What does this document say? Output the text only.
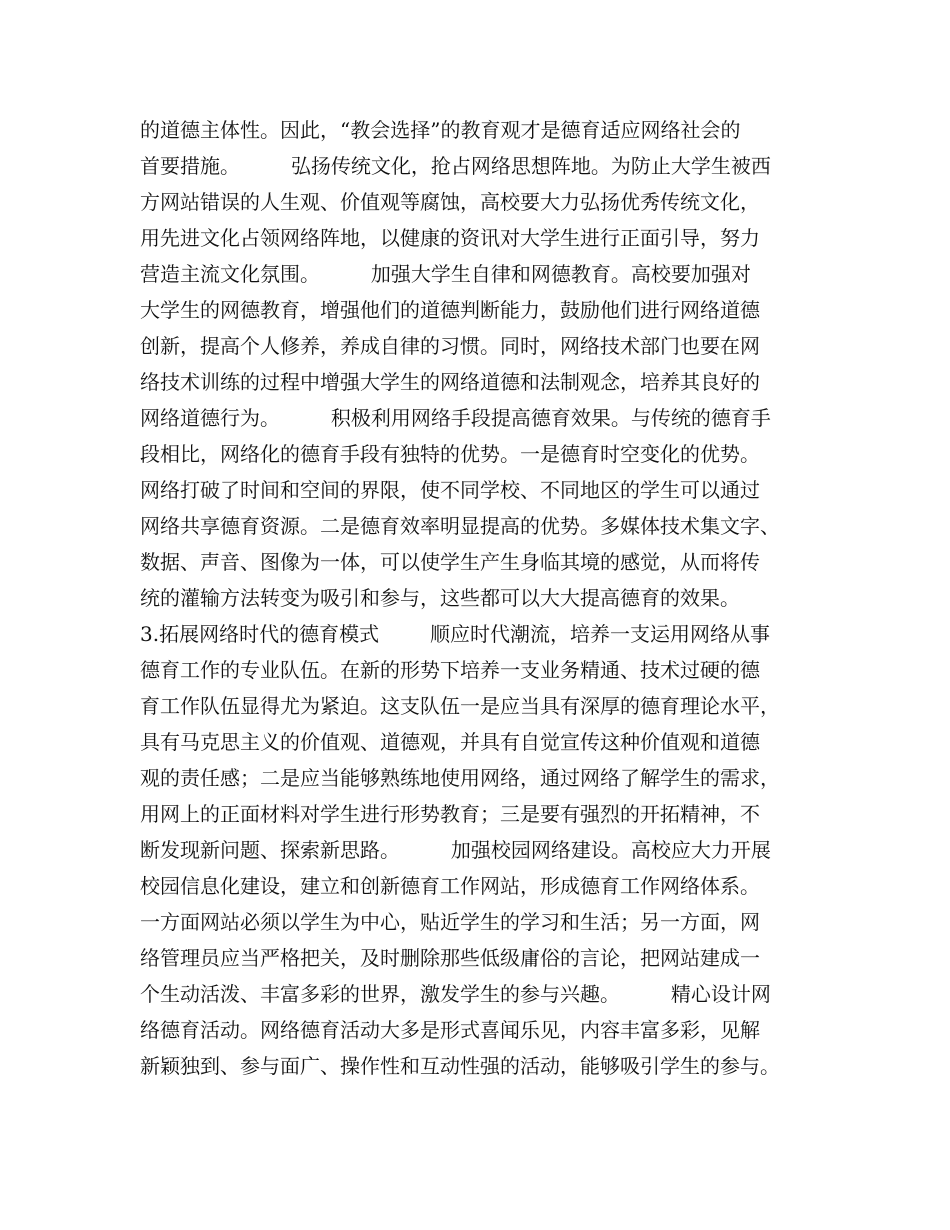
的道德主体性。因此，“教会选择”的教育观才是德育适应网络社会的
首要措施。        弘扬传统文化，抢占网络思想阵地。为防止大学生被西
方网站错误的人生观、价值观等腐蚀，高校要大力弘扬优秀传统文化，
用先进文化占领网络阵地，以健康的资讯对大学生进行正面引导，努力
营造主流文化氛围。        加强大学生自律和网德教育。高校要加强对
大学生的网德教育，增强他们的道德判断能力，鼓励他们进行网络道德
创新，提高个人修养，养成自律的习惯。同时，网络技术部门也要在网
络技术训练的过程中增强大学生的网络道德和法制观念，培养其良好的
网络道德行为。        积极利用网络手段提高德育效果。与传统的德育手
段相比，网络化的德育手段有独特的优势。一是德育时空变化的优势。
网络打破了时间和空间的界限，使不同学校、不同地区的学生可以通过
网络共享德育资源。二是德育效率明显提高的优势。多媒体技术集文字、
数据、声音、图像为一体，可以使学生产生身临其境的感觉，从而将传
统的灌输方法转变为吸引和参与，这些都可以大大提高德育的效果。
3.拓展网络时代的德育模式        顺应时代潮流，培养一支运用网络从事
德育工作的专业队伍。在新的形势下培养一支业务精通、技术过硬的德
育工作队伍显得尤为紧迫。这支队伍一是应当具有深厚的德育理论水平，
具有马克思主义的价值观、道德观，并具有自觉宣传这种价值观和道德
观的责任感；二是应当能够熟练地使用网络，通过网络了解学生的需求，
用网上的正面材料对学生进行形势教育；三是要有强烈的开拓精神，不
断发现新问题、探索新思路。        加强校园网络建设。高校应大力开展
校园信息化建设，建立和创新德育工作网站，形成德育工作网络体系。
一方面网站必须以学生为中心，贴近学生的学习和生活；另一方面，网
络管理员应当严格把关，及时删除那些低级庸俗的言论，把网站建成一
个生动活泼、丰富多彩的世界，激发学生的参与兴趣。        精心设计网
络德育活动。网络德育活动大多是形式喜闻乐见，内容丰富多彩，见解
新颖独到、参与面广、操作性和互动性强的活动，能够吸引学生的参与。
